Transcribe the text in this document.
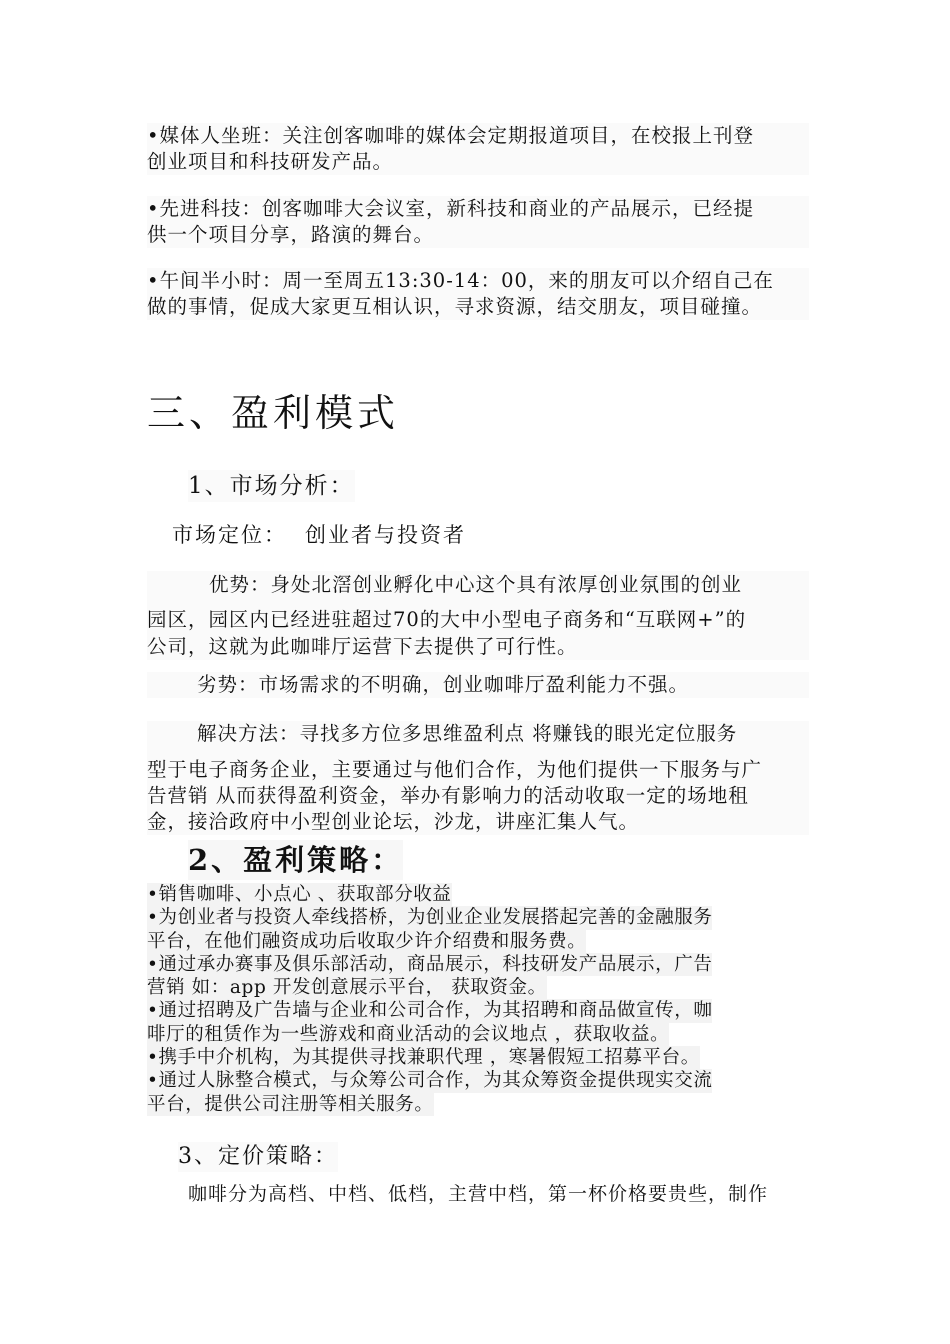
•媒体人坐班：关注创客咖啡的媒体会定期报道项目，在校报上刊登
创业项目和科技研发产品。
•先进科技：创客咖啡大会议室，新科技和商业的产品展示，已经提
供一个项目分享，路演的舞台。
•午间半小时：周一至周五13:30-14：00，来的朋友可以介绍自己在
做的事情，促成大家更互相认识，寻求资源，结交朋友，项目碰撞。
三、盈利模式
1、市场分析：
市场定位： 创业者与投资者
优势：身处北滘创业孵化中心这个具有浓厚创业氛围的创业
园区，园区内已经进驻超过70的大中小型电子商务和“互联网+”的
公司，这就为此咖啡厅运营下去提供了可行性。
劣势：市场需求的不明确，创业咖啡厅盈利能力不强。
解决方法：寻找多方位多思维盈利点 将赚钱的眼光定位服务
型于电子商务企业，主要通过与他们合作，为他们提供一下服务与广
告营销 从而获得盈利资金，举办有影响力的活动收取一定的场地租
金，接洽政府中小型创业论坛，沙龙，讲座汇集人气。
2、盈利策略：
•销售咖啡、小点心 、获取部分收益
•为创业者与投资人牵线搭桥，为创业企业发展搭起完善的金融服务
平台，在他们融资成功后收取少许介绍费和服务费。
•通过承办赛事及俱乐部活动，商品展示，科技研发产品展示，广告
营销 如：app 开发创意展示平台， 获取资金。
•通过招聘及广告墙与企业和公司合作，为其招聘和商品做宣传，咖
啡厅的租赁作为一些游戏和商业活动的会议地点 ，获取收益。
•携手中介机构，为其提供寻找兼职代理 ，寒暑假短工招募平台。
•通过人脉整合模式，与众筹公司合作，为其众筹资金提供现实交流
平台，提供公司注册等相关服务。
3、定价策略：
咖啡分为高档、中档、低档，主营中档，第一杯价格要贵些，制作
